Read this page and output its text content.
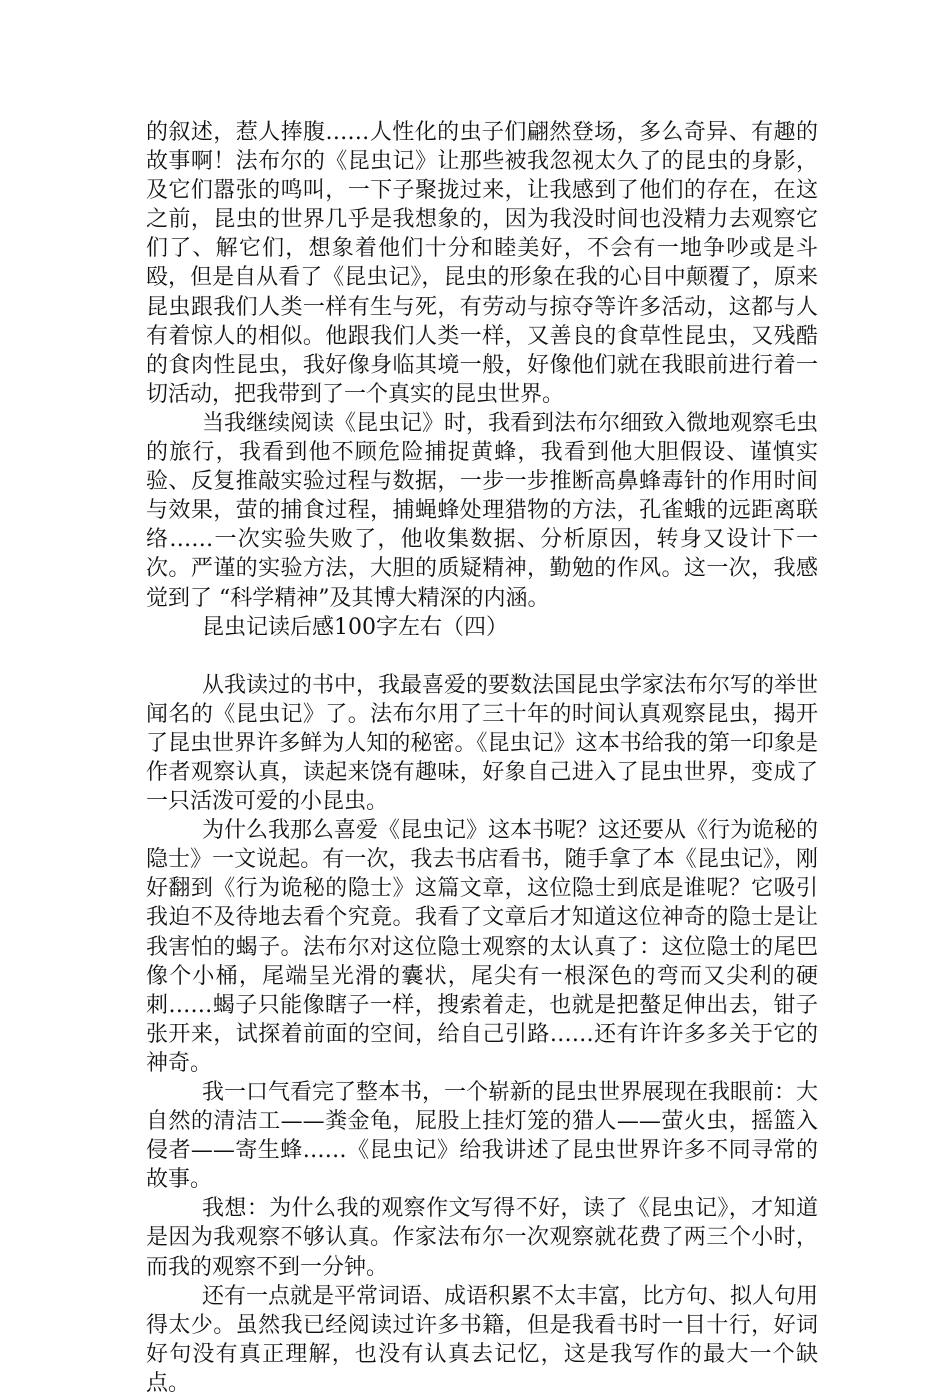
的叙述，惹人捧腹……人性化的虫子们翩然登场，多么奇异、有趣的故事啊！法布尔的《昆虫记》让那些被我忽视太久了的昆虫的身影，及它们嚣张的鸣叫，一下子聚拢过来，让我感到了他们的存在，在这之前，昆虫的世界几乎是我想象的，因为我没时间也没精力去观察它们了、解它们，想象着他们十分和睦美好，不会有一地争吵或是斗殴，但是自从看了《昆虫记》，昆虫的形象在我的心目中颠覆了，原来昆虫跟我们人类一样有生与死，有劳动与掠夺等许多活动，这都与人有着惊人的相似。他跟我们人类一样，又善良的食草性昆虫，又残酷的食肉性昆虫，我好像身临其境一般，好像他们就在我眼前进行着一切活动，把我带到了一个真实的昆虫世界。

当我继续阅读《昆虫记》时，我看到法布尔细致入微地观察毛虫的旅行，我看到他不顾危险捕捉黄蜂，我看到他大胆假设、谨慎实验、反复推敲实验过程与数据，一步一步推断高鼻蜂毒针的作用时间与效果，萤的捕食过程，捕蝇蜂处理猎物的方法，孔雀蛾的远距离联络……一次实验失败了，他收集数据、分析原因，转身又设计下一次。严谨的实验方法，大胆的质疑精神，勤勉的作风。这一次，我感觉到了 “科学精神”及其博大精深的内涵。

昆虫记读后感100字左右（四）

从我读过的书中，我最喜爱的要数法国昆虫学家法布尔写的举世闻名的《昆虫记》了。法布尔用了三十年的时间认真观察昆虫，揭开了昆虫世界许多鲜为人知的秘密。《昆虫记》这本书给我的第一印象是作者观察认真，读起来饶有趣味，好象自己进入了昆虫世界，变成了一只活泼可爱的小昆虫。

为什么我那么喜爱《昆虫记》这本书呢？这还要从《行为诡秘的隐士》一文说起。有一次，我去书店看书，随手拿了本《昆虫记》，刚好翻到《行为诡秘的隐士》这篇文章，这位隐士到底是谁呢？它吸引我迫不及待地去看个究竟。我看了文章后才知道这位神奇的隐士是让我害怕的蝎子。法布尔对这位隐士观察的太认真了：这位隐士的尾巴像个小桶，尾端呈光滑的囊状，尾尖有一根深色的弯而又尖利的硬刺……蝎子只能像瞎子一样，搜索着走，也就是把螯足伸出去，钳子张开来，试探着前面的空间，给自己引路……还有许许多多关于它的神奇。

我一口气看完了整本书，一个崭新的昆虫世界展现在我眼前：大自然的清洁工——粪金龟，屁股上挂灯笼的猎人——萤火虫，摇篮入侵者——寄生蜂……《昆虫记》给我讲述了昆虫世界许多不同寻常的故事。

我想：为什么我的观察作文写得不好，读了《昆虫记》，才知道是因为我观察不够认真。作家法布尔一次观察就花费了两三个小时，而我的观察不到一分钟。

还有一点就是平常词语、成语积累不太丰富，比方句、拟人句用得太少。虽然我已经阅读过许多书籍，但是我看书时一目十行，好词好句没有真正理解，也没有认真去记忆，这是我写作的最大一个缺点。
